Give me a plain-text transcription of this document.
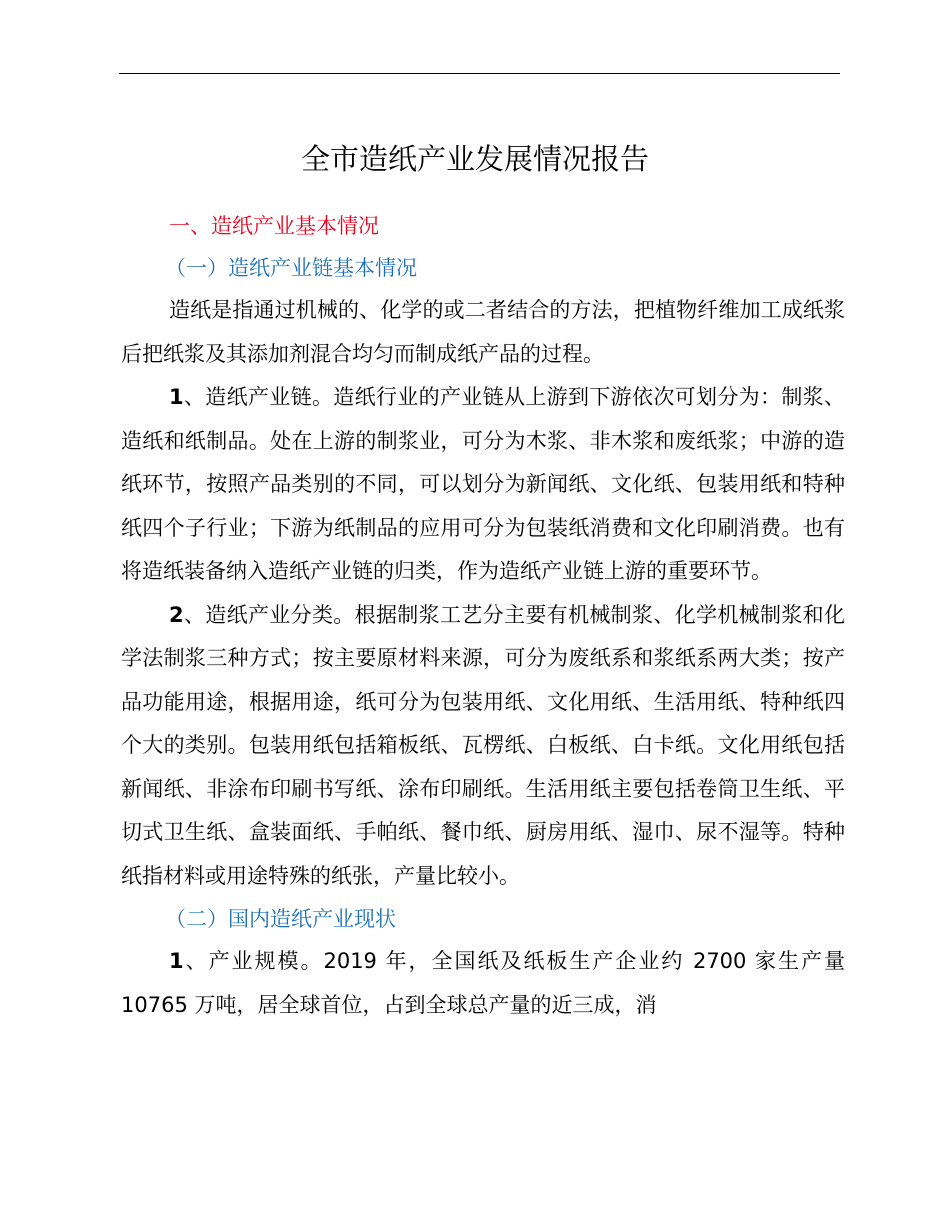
全市造纸产业发展情况报告
一、造纸产业基本情况
（一）造纸产业链基本情况

造纸是指通过机械的、化学的或二者结合的方法，把植物纤维加工成纸浆后把纸浆及其添加剂混合均匀而制成纸产品的过程。

1、造纸产业链。造纸行业的产业链从上游到下游依次可划分为：制浆、造纸和纸制品。处在上游的制浆业，可分为木浆、非木浆和废纸浆；中游的造纸环节，按照产品类别的不同，可以划分为新闻纸、文化纸、包装用纸和特种纸四个子行业；下游为纸制品的应用可分为包装纸消费和文化印刷消费。也有将造纸装备纳入造纸产业链的归类，作为造纸产业链上游的重要环节。

2、造纸产业分类。根据制浆工艺分主要有机械制浆、化学机械制浆和化学法制浆三种方式；按主要原材料来源，可分为废纸系和浆纸系两大类；按产品功能用途，根据用途，纸可分为包装用纸、文化用纸、生活用纸、特种纸四个大的类别。包装用纸包括箱板纸、瓦楞纸、白板纸、白卡纸。文化用纸包括新闻纸、非涂布印刷书写纸、涂布印刷纸。生活用纸主要包括卷筒卫生纸、平切式卫生纸、盒装面纸、手帕纸、餐巾纸、厨房用纸、湿巾、尿不湿等。特种纸指材料或用途特殊的纸张，产量比较小。

（二）国内造纸产业现状

1、产业规模。2019 年，全国纸及纸板生产企业约 2700 家生产量 10765 万吨，居全球首位，占到全球总产量的近三成，消
